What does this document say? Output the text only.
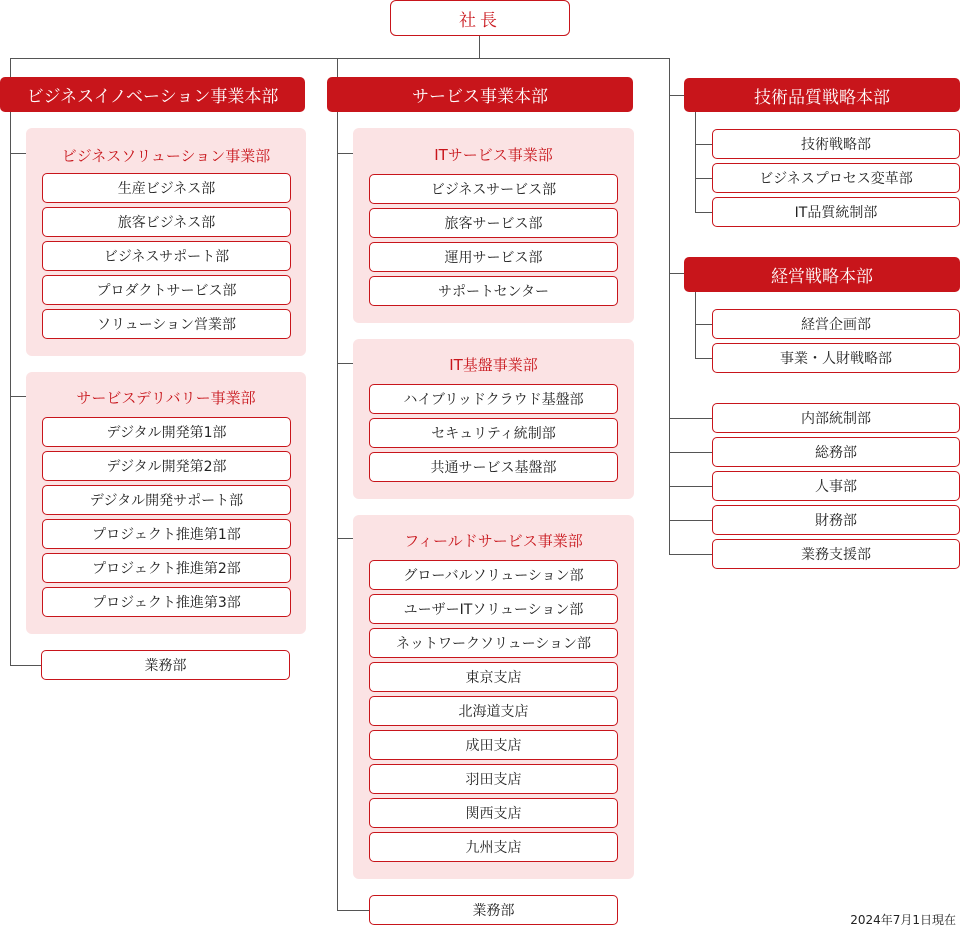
社長
ビジネスイノベーション事業本部
ビジネスソリューション事業部
生産ビジネス部
旅客ビジネス部
ビジネスサポート部
プロダクトサービス部
ソリューション営業部
サービスデリバリー事業部
デジタル開発第1部
デジタル開発第2部
デジタル開発サポート部
プロジェクト推進第1部
プロジェクト推進第2部
プロジェクト推進第3部
業務部
サービス事業本部
ITサービス事業部
ビジネスサービス部
旅客サービス部
運用サービス部
サポートセンター
IT基盤事業部
ハイブリッドクラウド基盤部
セキュリティ統制部
共通サービス基盤部
フィールドサービス事業部
グローバルソリューション部
ユーザーITソリューション部
ネットワークソリューション部
東京支店
北海道支店
成田支店
羽田支店
関西支店
九州支店
業務部
技術品質戦略本部
技術戦略部
ビジネスプロセス変革部
IT品質統制部
経営戦略本部
経営企画部
事業・人財戦略部
内部統制部
総務部
人事部
財務部
業務支援部
2024年7月1日現在
